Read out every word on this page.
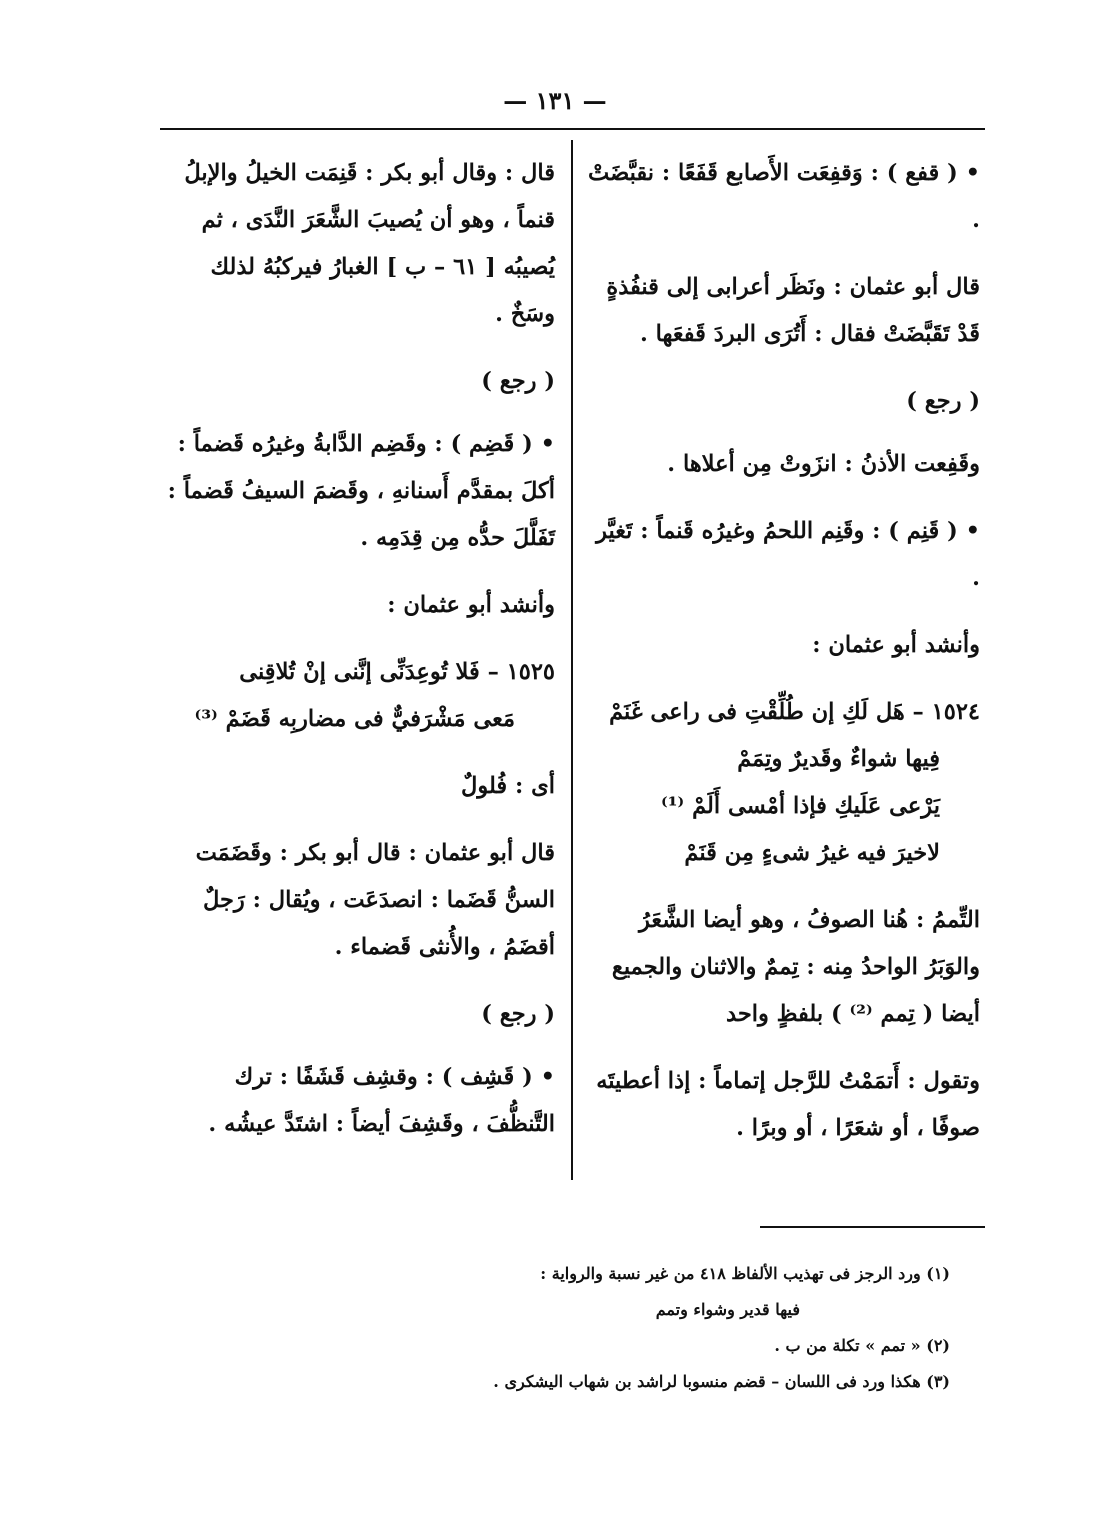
— ١٣١ —
• ( قفع ) : وَقفِعَت الأَصابع قَفَعًا : نقبَّضَتْ .
قال أبو عثمان : ونَظَر أعرابى إلى قنفُذةٍ قَدْ تَقَبَّضَتْ فقال : أَتُرَى البردَ قَفعَها .
( رجع )
وقَفِعت الأذنُ : انزَوتْ مِن أعلاها .
• ( قَنِم ) : وقَنِم اللحمُ وغيرُه قَنماً : تَغيَّر .
وأنشد أبو عثمان :
١٥٢٤ – هَل لَكِ إن طُلِّقْتِ فى راعى غَنَمْ
فِيها شواءٌ وقَديرٌ وتِمَمْ
يَرْعى عَلَيكِ فإذا أمْسى أَلَمْ ⁽¹⁾
لاخيرَ فيه غيرُ شىءٍ مِن قَنَمْ
التِّممُ : هُنا الصوفُ ، وهو أيضا الشَّعَرُ والوَبَرُ الواحدُ مِنه : تِممٌ والاثنان والجميع أيضا ( تِمم ⁽²⁾ ) بلفظٍ واحد
وتقول : أَتمَمْتُ للرَّجل إتماماً : إذا أعطيتَه صوفًا ، أو شعَرًا ، أو وبرًا .
قال : وقال أبو بكر : قَنِمَت الخيلُ والإبلُ قنماً ، وهو أن يُصيبَ الشَّعَرَ النَّدَى ، ثم يُصيبُه [ ٦١ – ب ] الغبارُ فيركبُهُ لذلك وسَخٌ .
( رجع )
• ( قَضِم ) : وقَضِم الدَّابةُ وغيرُه قَضماً : أكلَ بمقدَّم أَسنانهِ ، وقَضمَ السيفُ قَضماً : تَفَلَّلَ حدُّه مِن قِدَمِه .
وأنشد أبو عثمان :
١٥٢٥ – فَلا تُوعِدَنِّى إنَّنى إنْ تُلاقِنى
مَعى مَشْرَفيٌّ فى مضاربِه قَضَمْ ⁽³⁾
أى : فُلولٌ
قال أبو عثمان : قال أبو بكر : وقَضَمَت السنُّ قَضَما : انصدَعَت ، ويُقال : رَجلٌ أقضَمُ ، والأُنثى قَضماء .
( رجع )
• ( قَشِف ) : وقشِف قَشَفًا : ترك التَّنظُّفَ ، وقَشِفَ أيضاً : اشتَدَّ عيشُه .
(١) ورد الرجز فى تهذيب الألفاظ ٤١٨ من غير نسبة والرواية :
فيها قدير وشواء وتمم
(٢) « تمم » تكلة من ب .
(٣) هكذا ورد فى اللسان – قضم منسوبا لراشد بن شهاب اليشكرى .
